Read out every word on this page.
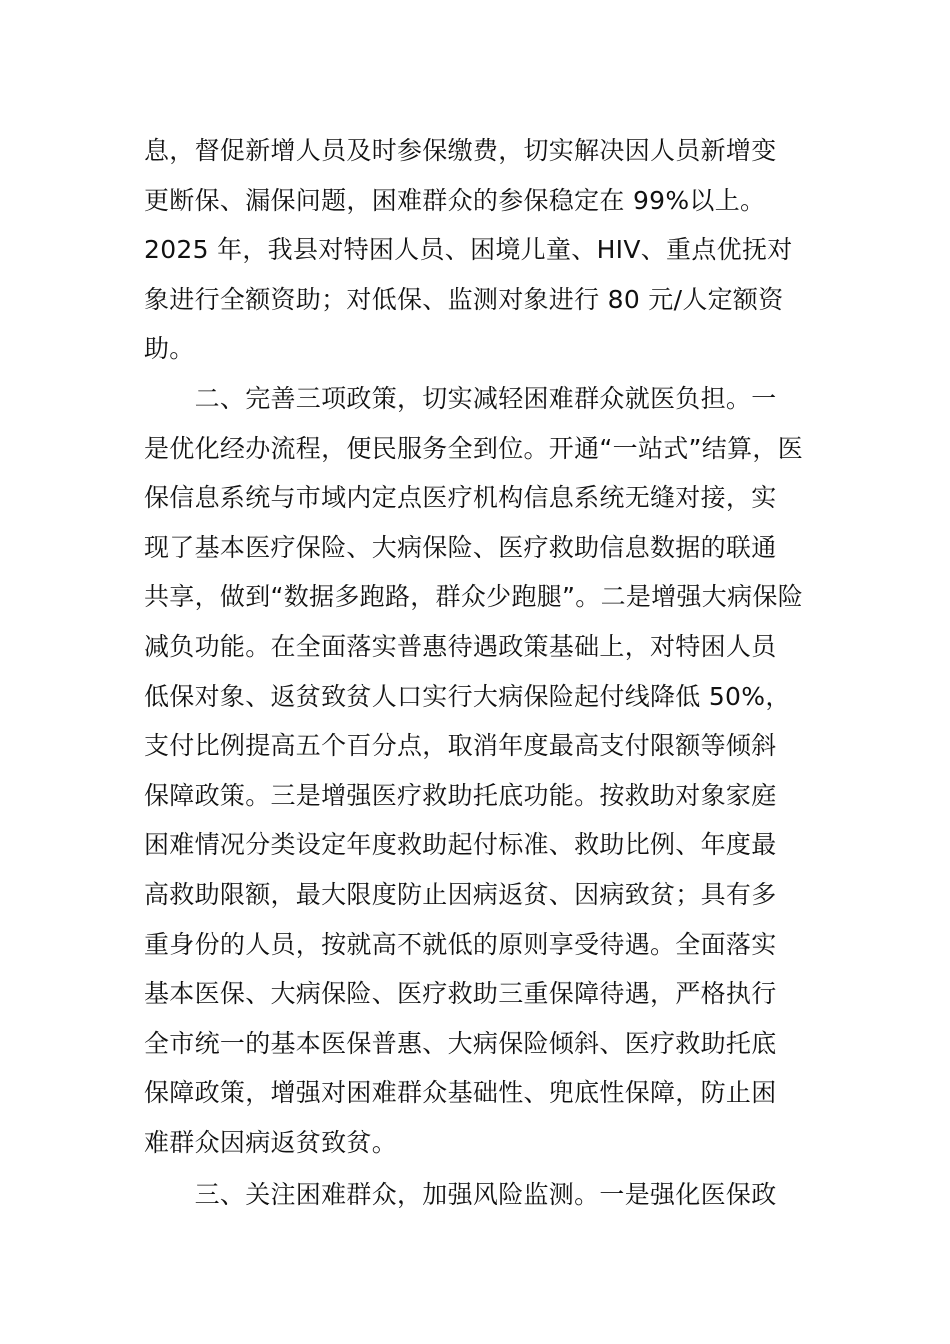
息，督促新增人员及时参保缴费，切实解决因人员新增变
更断保、漏保问题，困难群众的参保稳定在 99%以上。
2025 年，我县对特困人员、困境儿童、HIV、重点优抚对
象进行全额资助；对低保、监测对象进行 80 元/人定额资
助。
　　二、完善三项政策，切实减轻困难群众就医负担。一
是优化经办流程，便民服务全到位。开通“一站式”结算，医
保信息系统与市域内定点医疗机构信息系统无缝对接，实
现了基本医疗保险、大病保险、医疗救助信息数据的联通
共享，做到“数据多跑路，群众少跑腿”。二是增强大病保险
减负功能。在全面落实普惠待遇政策基础上，对特困人员
低保对象、返贫致贫人口实行大病保险起付线降低 50%，
支付比例提高五个百分点，取消年度最高支付限额等倾斜
保障政策。三是增强医疗救助托底功能。按救助对象家庭
困难情况分类设定年度救助起付标准、救助比例、年度最
高救助限额，最大限度防止因病返贫、因病致贫；具有多
重身份的人员，按就高不就低的原则享受待遇。全面落实
基本医保、大病保险、医疗救助三重保障待遇，严格执行
全市统一的基本医保普惠、大病保险倾斜、医疗救助托底
保障政策，增强对困难群众基础性、兜底性保障，防止困
难群众因病返贫致贫。
　　三、关注困难群众，加强风险监测。一是强化医保政
